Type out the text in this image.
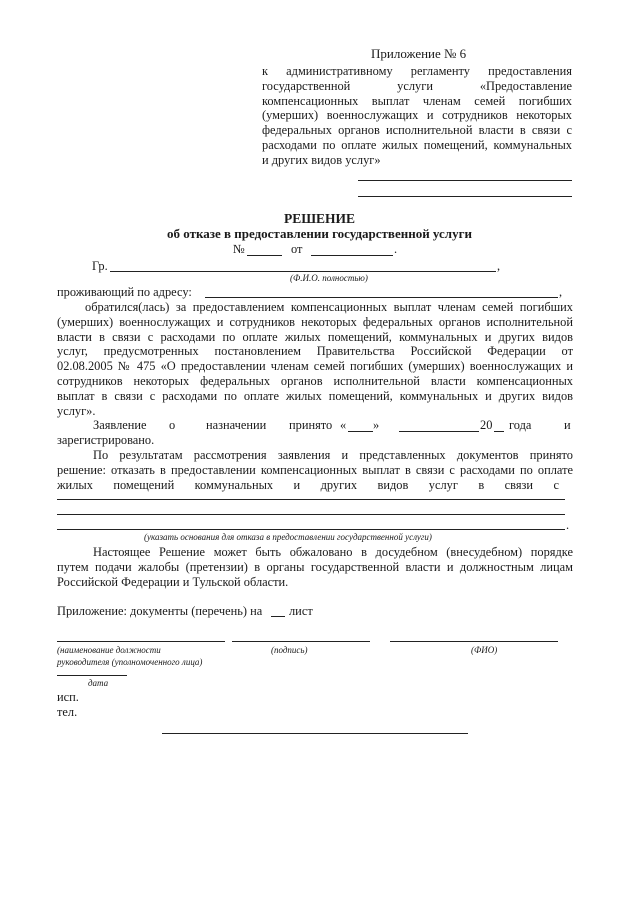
Приложение № 6
к административному регламенту предоставления
государственной услуги «Предоставление
компенсационных выплат членам семей погибших
(умерших) военнослужащих и сотрудников некоторых
федеральных органов исполнительной власти в связи с
расходами по оплате жилых помещений, коммунальных
и других видов услуг»
РЕШЕНИЕ
об отказе в предоставлении государственной услуги
№	от	.
Гр.	,
(Ф.И.О. полностью)
проживающий по адресу:	,
обратился(лась) за предоставлением компенсационных выплат членам семей погибших
(умерших) военнослужащих и сотрудников некоторых федеральных органов исполнительной
власти в связи с расходами по оплате жилых помещений, коммунальных и других видов
услуг, предусмотренных постановлением Правительства Российской Федерации от
02.08.2005 № 475 «О предоставлении членам семей погибших (умерших) военнослужащих и
сотрудников некоторых федеральных органов исполнительной власти компенсационных
выплат в связи с расходами по оплате жилых помещений, коммунальных и других видов
услуг».
Заявление о назначении принято « »	20 года	и
зарегистрировано.
По результатам рассмотрения заявления и представленных документов принято
решение: отказать в предоставлении компенсационных выплат в связи с расходами по оплате
жилых помещений коммунальных и других видов услуг в связи с
.
(указать основания для отказа в предоставлении государственной услуги)
Настоящее Решение может быть обжаловано в досудебном (внесудебном) порядке
путем подачи жалобы (претензии) в органы государственной власти и должностным лицам
Российской Федерации и Тульской области.
Приложение: документы (перечень) на лист
(наименование должности
руководителя (уполномоченного лица)
(подпись)	(ФИО)
дата
исп.
тел.
